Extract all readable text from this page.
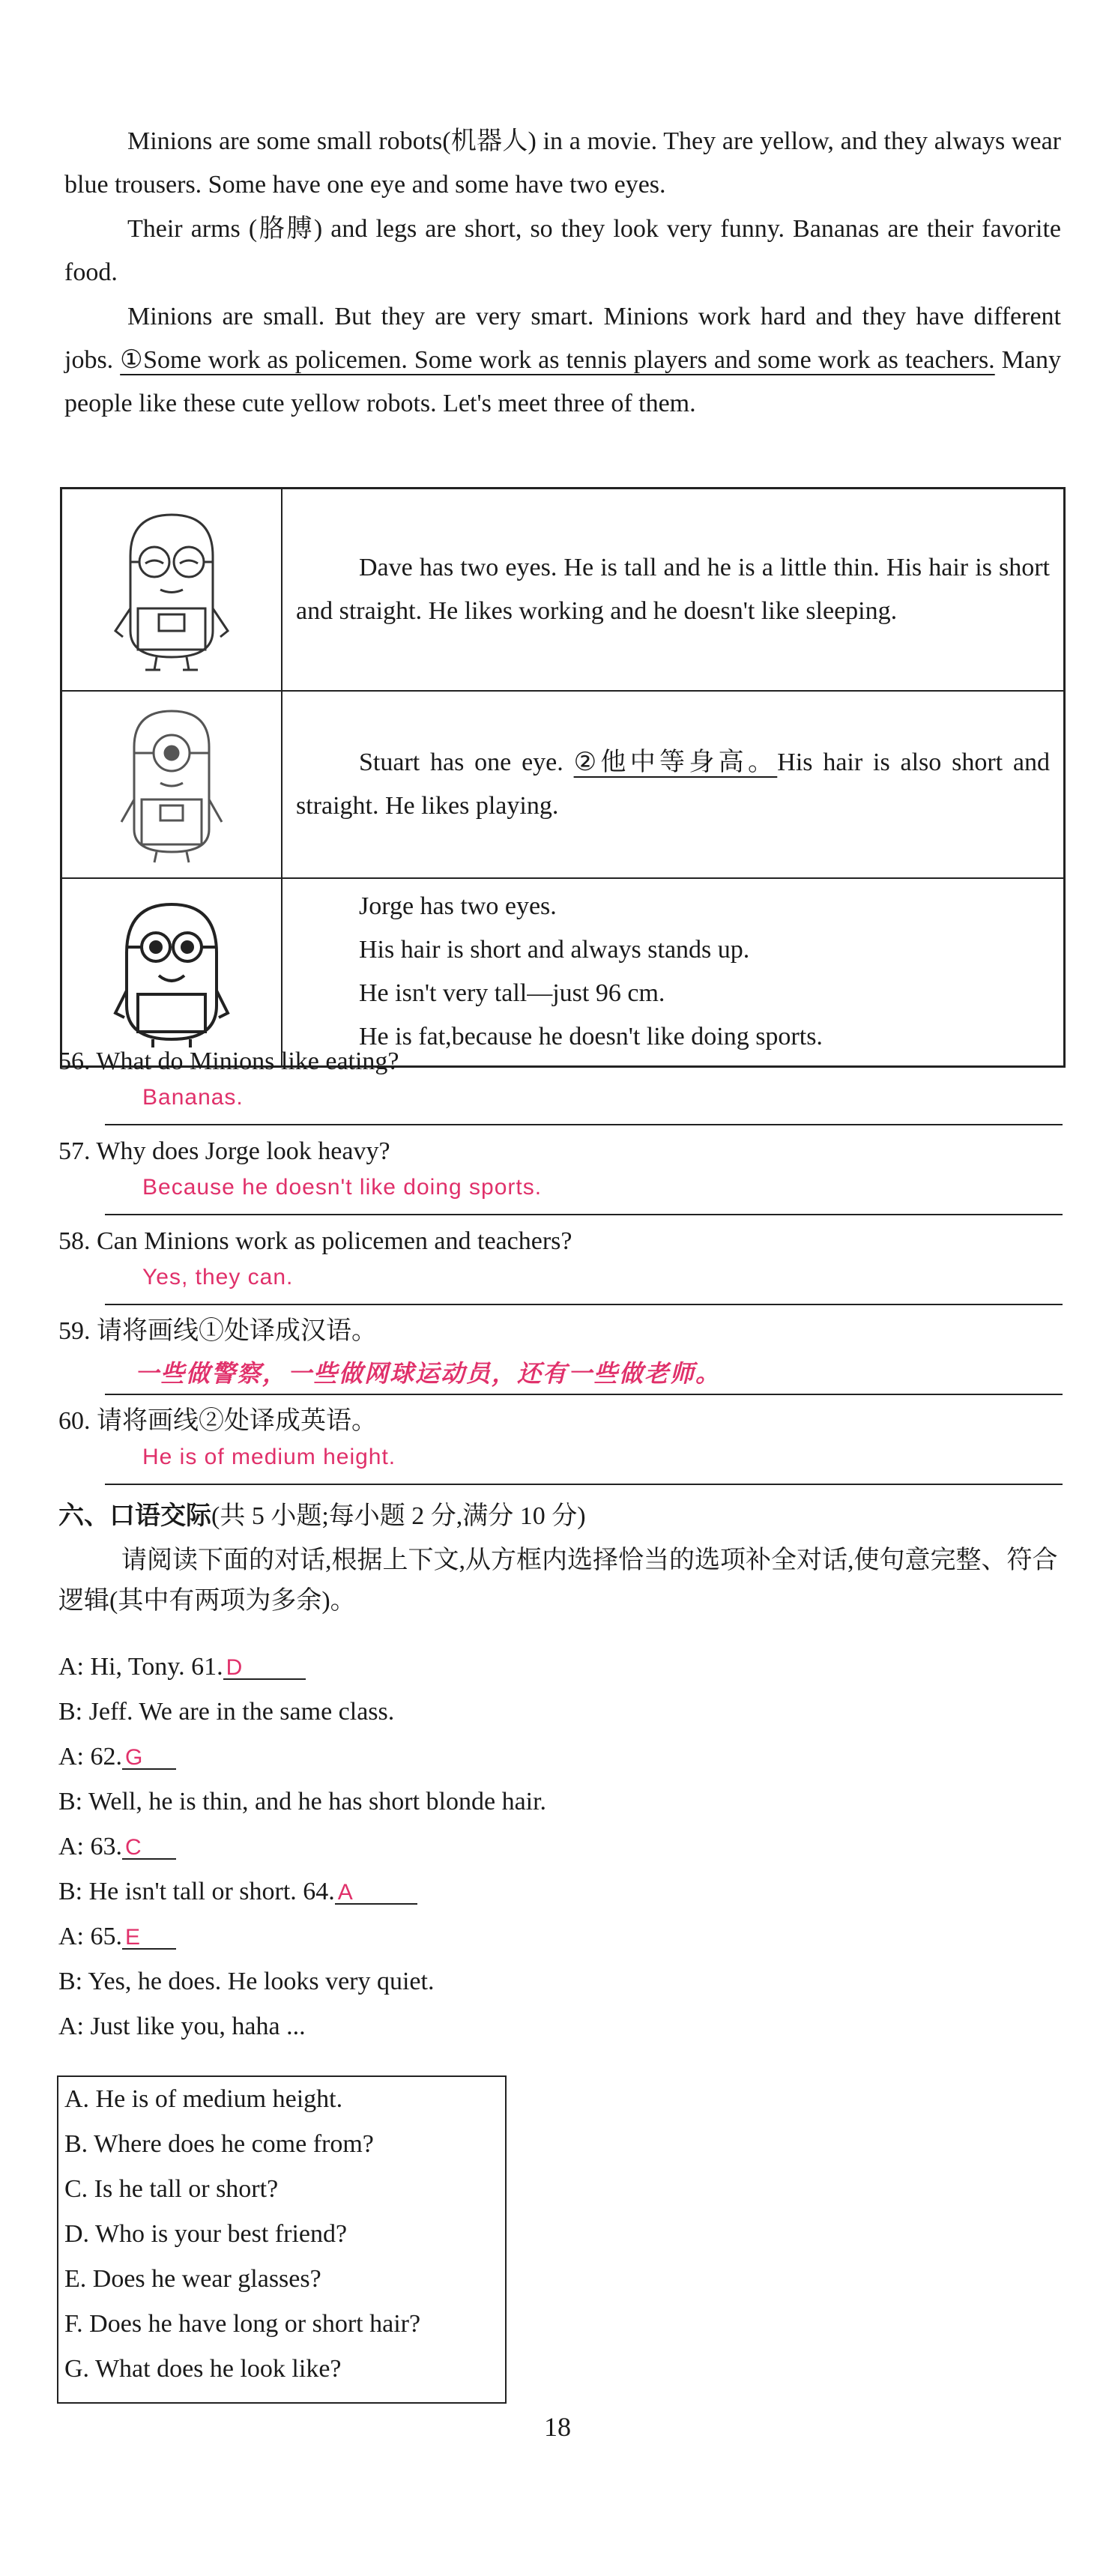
Minions are some small robots(机器人) in a movie. They are yellow, and they always wear blue trousers. Some have one eye and some have two eyes.
Their arms (胳膊) and legs are short, so they look very funny. Bananas are their favorite food.
Minions are small. But they are very smart. Minions work hard and they have different jobs. ①Some work as policemen. Some work as tennis players and some work as teachers. Many people like these cute yellow robots. Let's meet three of them.
	Dave has two eyes. He is tall and he is a little thin. His hair is short and straight. He likes working and he doesn't like sleeping.

	Stuart has one eye. ②他中等身高。His hair is also short and straight. He likes playing.

Jorge has two eyes.
His hair is short and always stands up.
He isn't very tall—just 96 cm.
He is fat,because he doesn't like doing sports.
56. What do Minions like eating?
Bananas.
57. Why does Jorge look heavy?
Because he doesn't like doing sports.
58. Can Minions work as policemen and teachers?
Yes, they can.
59. 请将画线①处译成汉语。
一些做警察，一些做网球运动员，还有一些做老师。
60. 请将画线②处译成英语。
He is of medium height.
六、口语交际(共 5 小题;每小题 2 分,满分 10 分)
请阅读下面的对话,根据上下文,从方框内选择恰当的选项补全对话,使句意完整、符合逻辑(其中有两项为多余)。
A: Hi, Tony. 61. D
B: Jeff. We are in the same class.
A: 62. G
B: Well, he is thin, and he has short blonde hair.
A: 63. C
B: He isn't tall or short. 64. A
A: 65. E
B: Yes, he does. He looks very quiet.
A: Just like you, haha ...
A. He is of medium height.
B. Where does he come from?
C. Is he tall or short?
D. Who is your best friend?
E. Does he wear glasses?
F. Does he have long or short hair?
G. What does he look like?
18
